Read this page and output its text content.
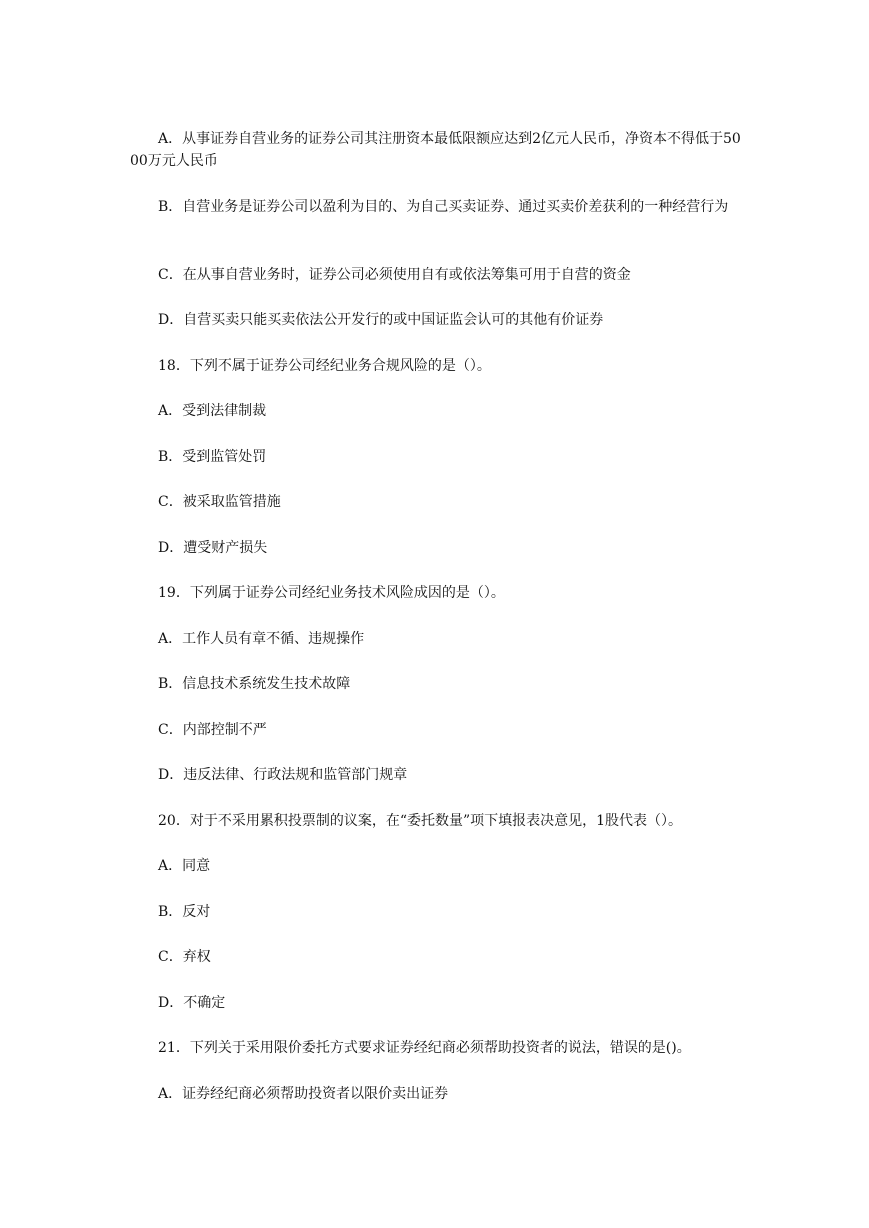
A．从事证券自营业务的证券公司其注册资本最低限额应达到2亿元人民币，净资本不得低于5000万元人民币

B．自营业务是证券公司以盈利为目的、为自己买卖证券、通过买卖价差获利的一种经营行为

C．在从事自营业务时，证券公司必须使用自有或依法筹集可用于自营的资金

D．自营买卖只能买卖依法公开发行的或中国证监会认可的其他有价证券

18．下列不属于证券公司经纪业务合规风险的是（）。

A．受到法律制裁

B．受到监管处罚

C．被采取监管措施

D．遭受财产损失

19．下列属于证券公司经纪业务技术风险成因的是（）。

A．工作人员有章不循、违规操作

B．信息技术系统发生技术故障

C．内部控制不严

D．违反法律、行政法规和监管部门规章

20．对于不采用累积投票制的议案，在“委托数量”项下填报表决意见，1股代表（）。

A．同意

B．反对

C．弃权

D．不确定

21．下列关于采用限价委托方式要求证券经纪商必须帮助投资者的说法，错误的是()。

A．证券经纪商必须帮助投资者以限价卖出证券
